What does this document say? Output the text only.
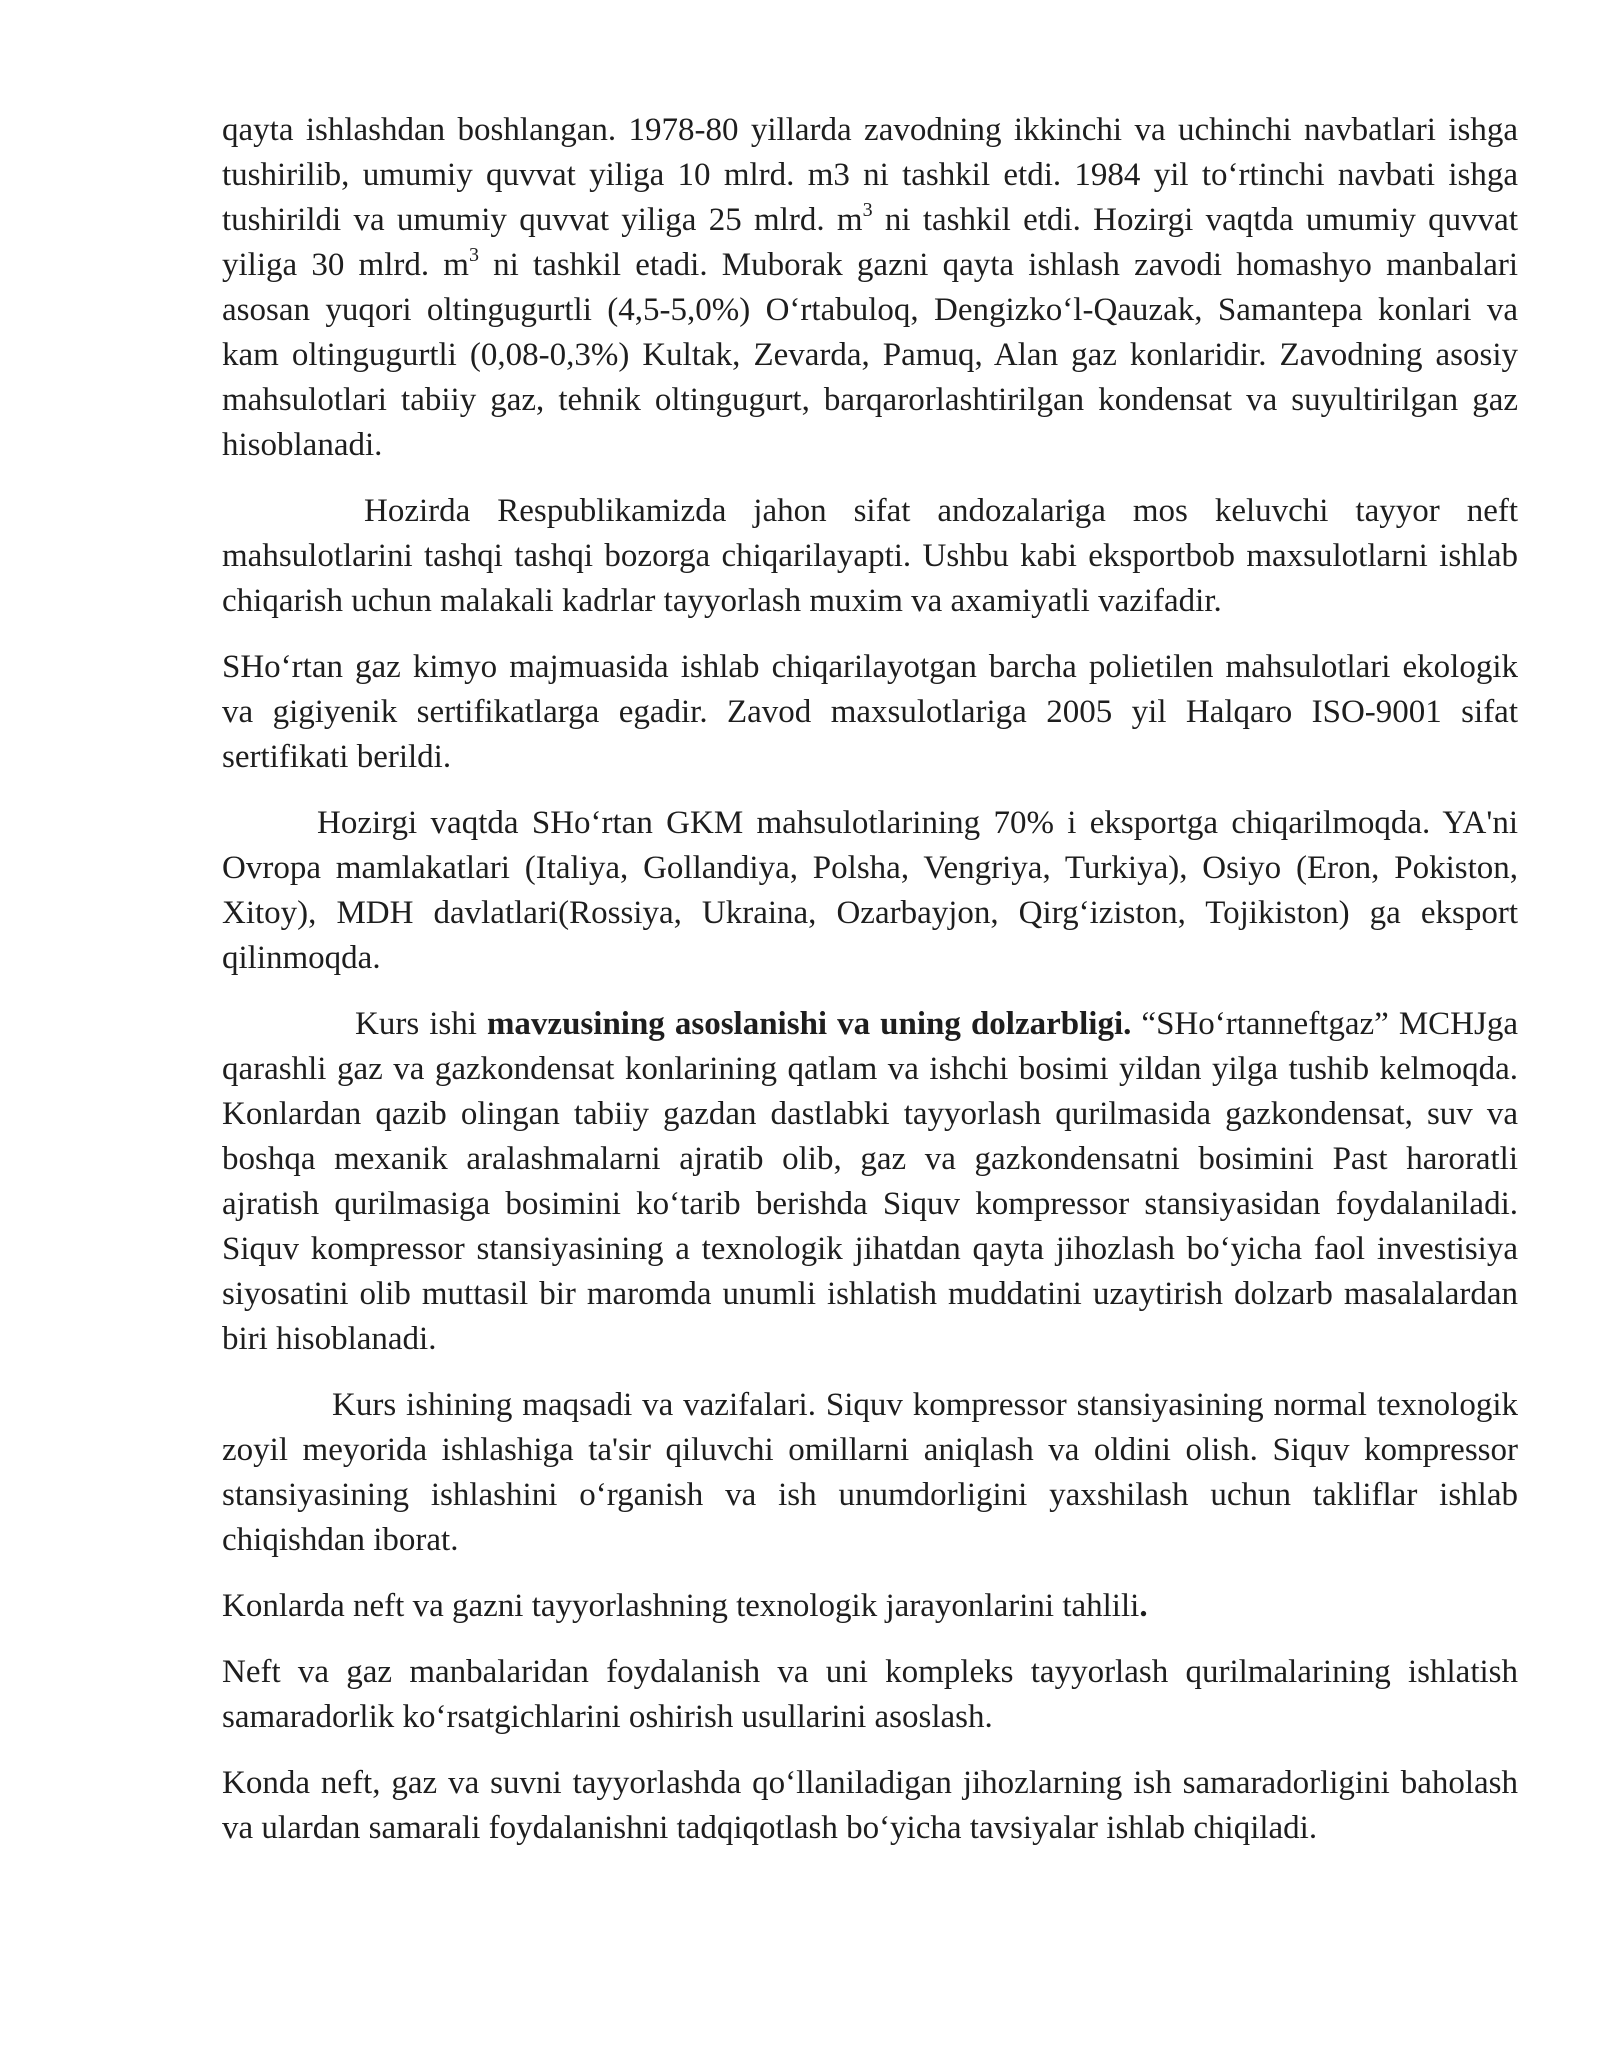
qayta ishlashdan boshlangan. 1978-80 yillarda zavodning ikkinchi va uchinchi navbatlari ishga tushirilib, umumiy quvvat yiliga 10 mlrd. m3 ni tashkil etdi. 1984 yil to‘rtinchi navbati ishga tushirildi va umumiy quvvat yiliga 25 mlrd. $m^3$ ni tashkil etdi. Hozirgi vaqtda umumiy quvvat yiliga 30 mlrd. $m^3$ ni tashkil etadi. Muborak gazni qayta ishlash zavodi homashyo manbalari asosan yuqori oltingugurtli (4,5-5,0%) O‘rtabuloq, Dengizko‘l-Qauzak, Samantepa konlari va kam oltingugurtli (0,08-0,3%) Kultak, Zevarda, Pamuq, Alan gaz konlaridir. Zavodning asosiy mahsulotlari tabiiy gaz, tehnik oltingugurt, barqarorlashtirilgan kondensat va suyultirilgan gaz hisoblanadi.

Hozirda Respublikamizda jahon sifat andozalariga mos keluvchi tayyor neft mahsulotlarini tashqi tashqi bozorga chiqarilayapti. Ushbu kabi eksportbob maxsulotlarni ishlab chiqarish uchun malakali kadrlar tayyorlash muxim va axamiyatli vazifadir.

SHo‘rtan gaz kimyo majmuasida ishlab chiqarilayotgan barcha polietilen mahsulotlari ekologik va gigiyenik sertifikatlarga egadir. Zavod maxsulotlariga 2005 yil Halqaro ISO-9001 sifat sertifikati berildi.

Hozirgi vaqtda SHo‘rtan GKM mahsulotlarining 70% i eksportga chiqarilmoqda. YA'ni Ovropa mamlakatlari (Italiya, Gollandiya, Polsha, Vengriya, Turkiya), Osiyo (Eron, Pokiston, Xitoy), MDH davlatlari(Rossiya, Ukraina, Ozarbayjon, Qirg‘iziston, Tojikiston) ga eksport qilinmoqda.

Kurs ishi mavzusining asoslanishi va uning dolzarbligi. “SHo‘rtanneftgaz” MCHJga qarashli gaz va gazkondensat konlarining qatlam va ishchi bosimi yildan yilga tushib kelmoqda. Konlardan qazib olingan tabiiy gazdan dastlabki tayyorlash qurilmasida gazkondensat, suv va boshqa mexanik aralashmalarni ajratib olib, gaz va gazkondensatni bosimini Past haroratli ajratish qurilmasiga bosimini ko‘tarib berishda Siquv kompressor stansiyasidan foydalaniladi. Siquv kompressor stansiyasining a texnologik jihatdan qayta jihozlash bo‘yicha faol investisiya siyosatini olib muttasil bir maromda unumli ishlatish muddatini uzaytirish dolzarb masalalardan biri hisoblanadi.

Kurs ishining maqsadi va vazifalari. Siquv kompressor stansiyasining normal texnologik zoyil meyorida ishlashiga ta'sir qiluvchi omillarni aniqlash va oldini olish. Siquv kompressor stansiyasining ishlashini o‘rganish va ish unumdorligini yaxshilash uchun takliflar ishlab chiqishdan iborat.

Konlarda neft va gazni tayyorlashning texnologik jarayonlarini tahlili.

Neft va gaz manbalaridan foydalanish va uni kompleks tayyorlash qurilmalarining ishlatish samaradorlik ko‘rsatgichlarini oshirish usullarini asoslash.

Konda neft, gaz va suvni tayyorlashda qo‘llaniladigan jihozlarning ish samaradorligini baholash va ulardan samarali foydalanishni tadqiqotlash bo‘yicha tavsiyalar ishlab chiqiladi.
